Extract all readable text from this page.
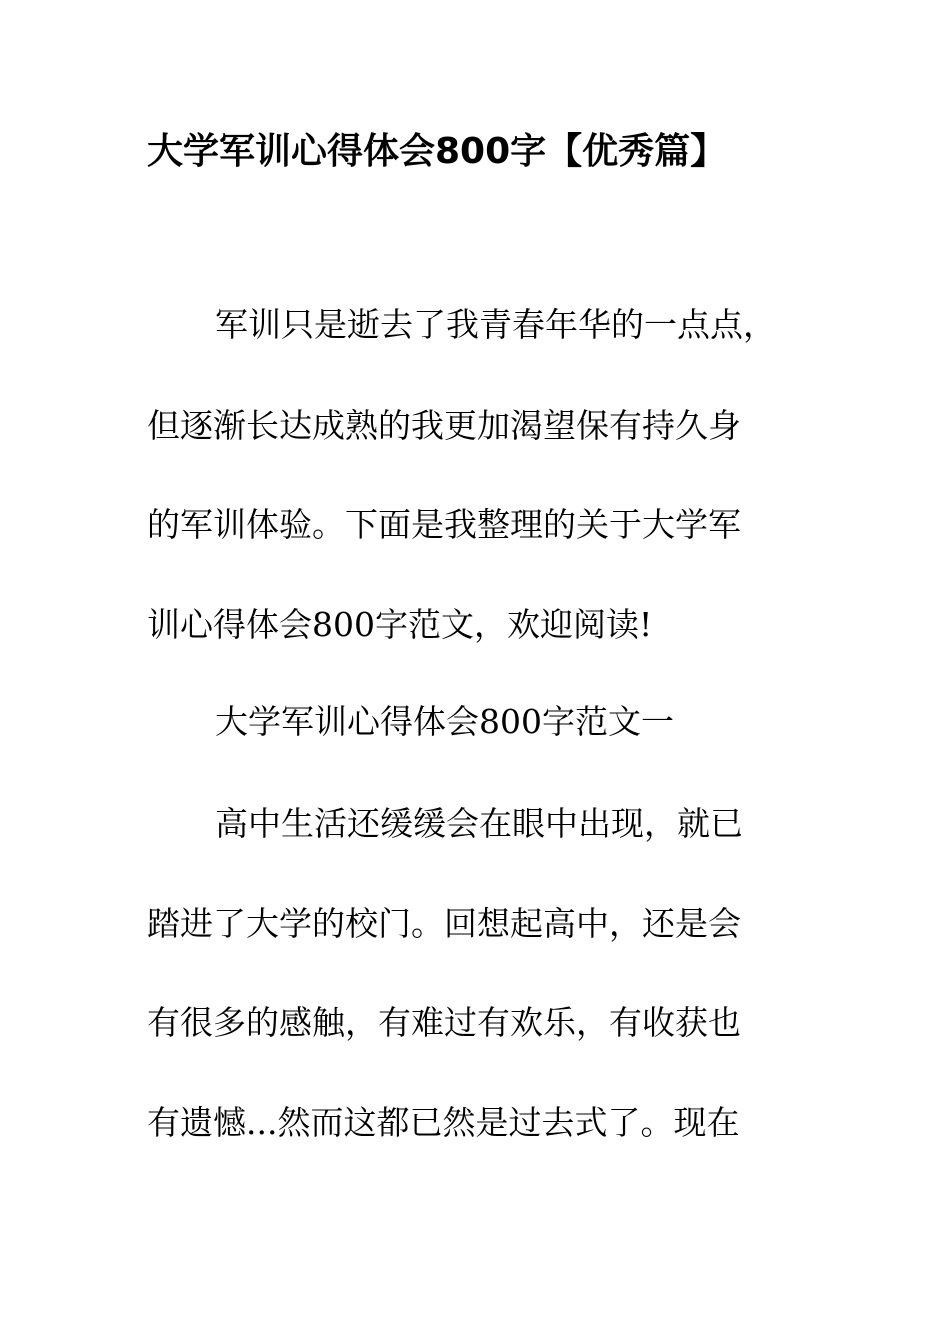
大学军训心得体会800字【优秀篇】
军训只是逝去了我青春年华的一点点，
但逐渐长达成熟的我更加渴望保有持久身
的军训体验。下面是我整理的关于大学军
训心得体会800字范文，欢迎阅读!
大学军训心得体会800字范文一
高中生活还缓缓会在眼中出现，就已
踏进了大学的校门。回想起高中，还是会
有很多的感触，有难过有欢乐，有收获也
有遗憾...然而这都已然是过去式了。现在
